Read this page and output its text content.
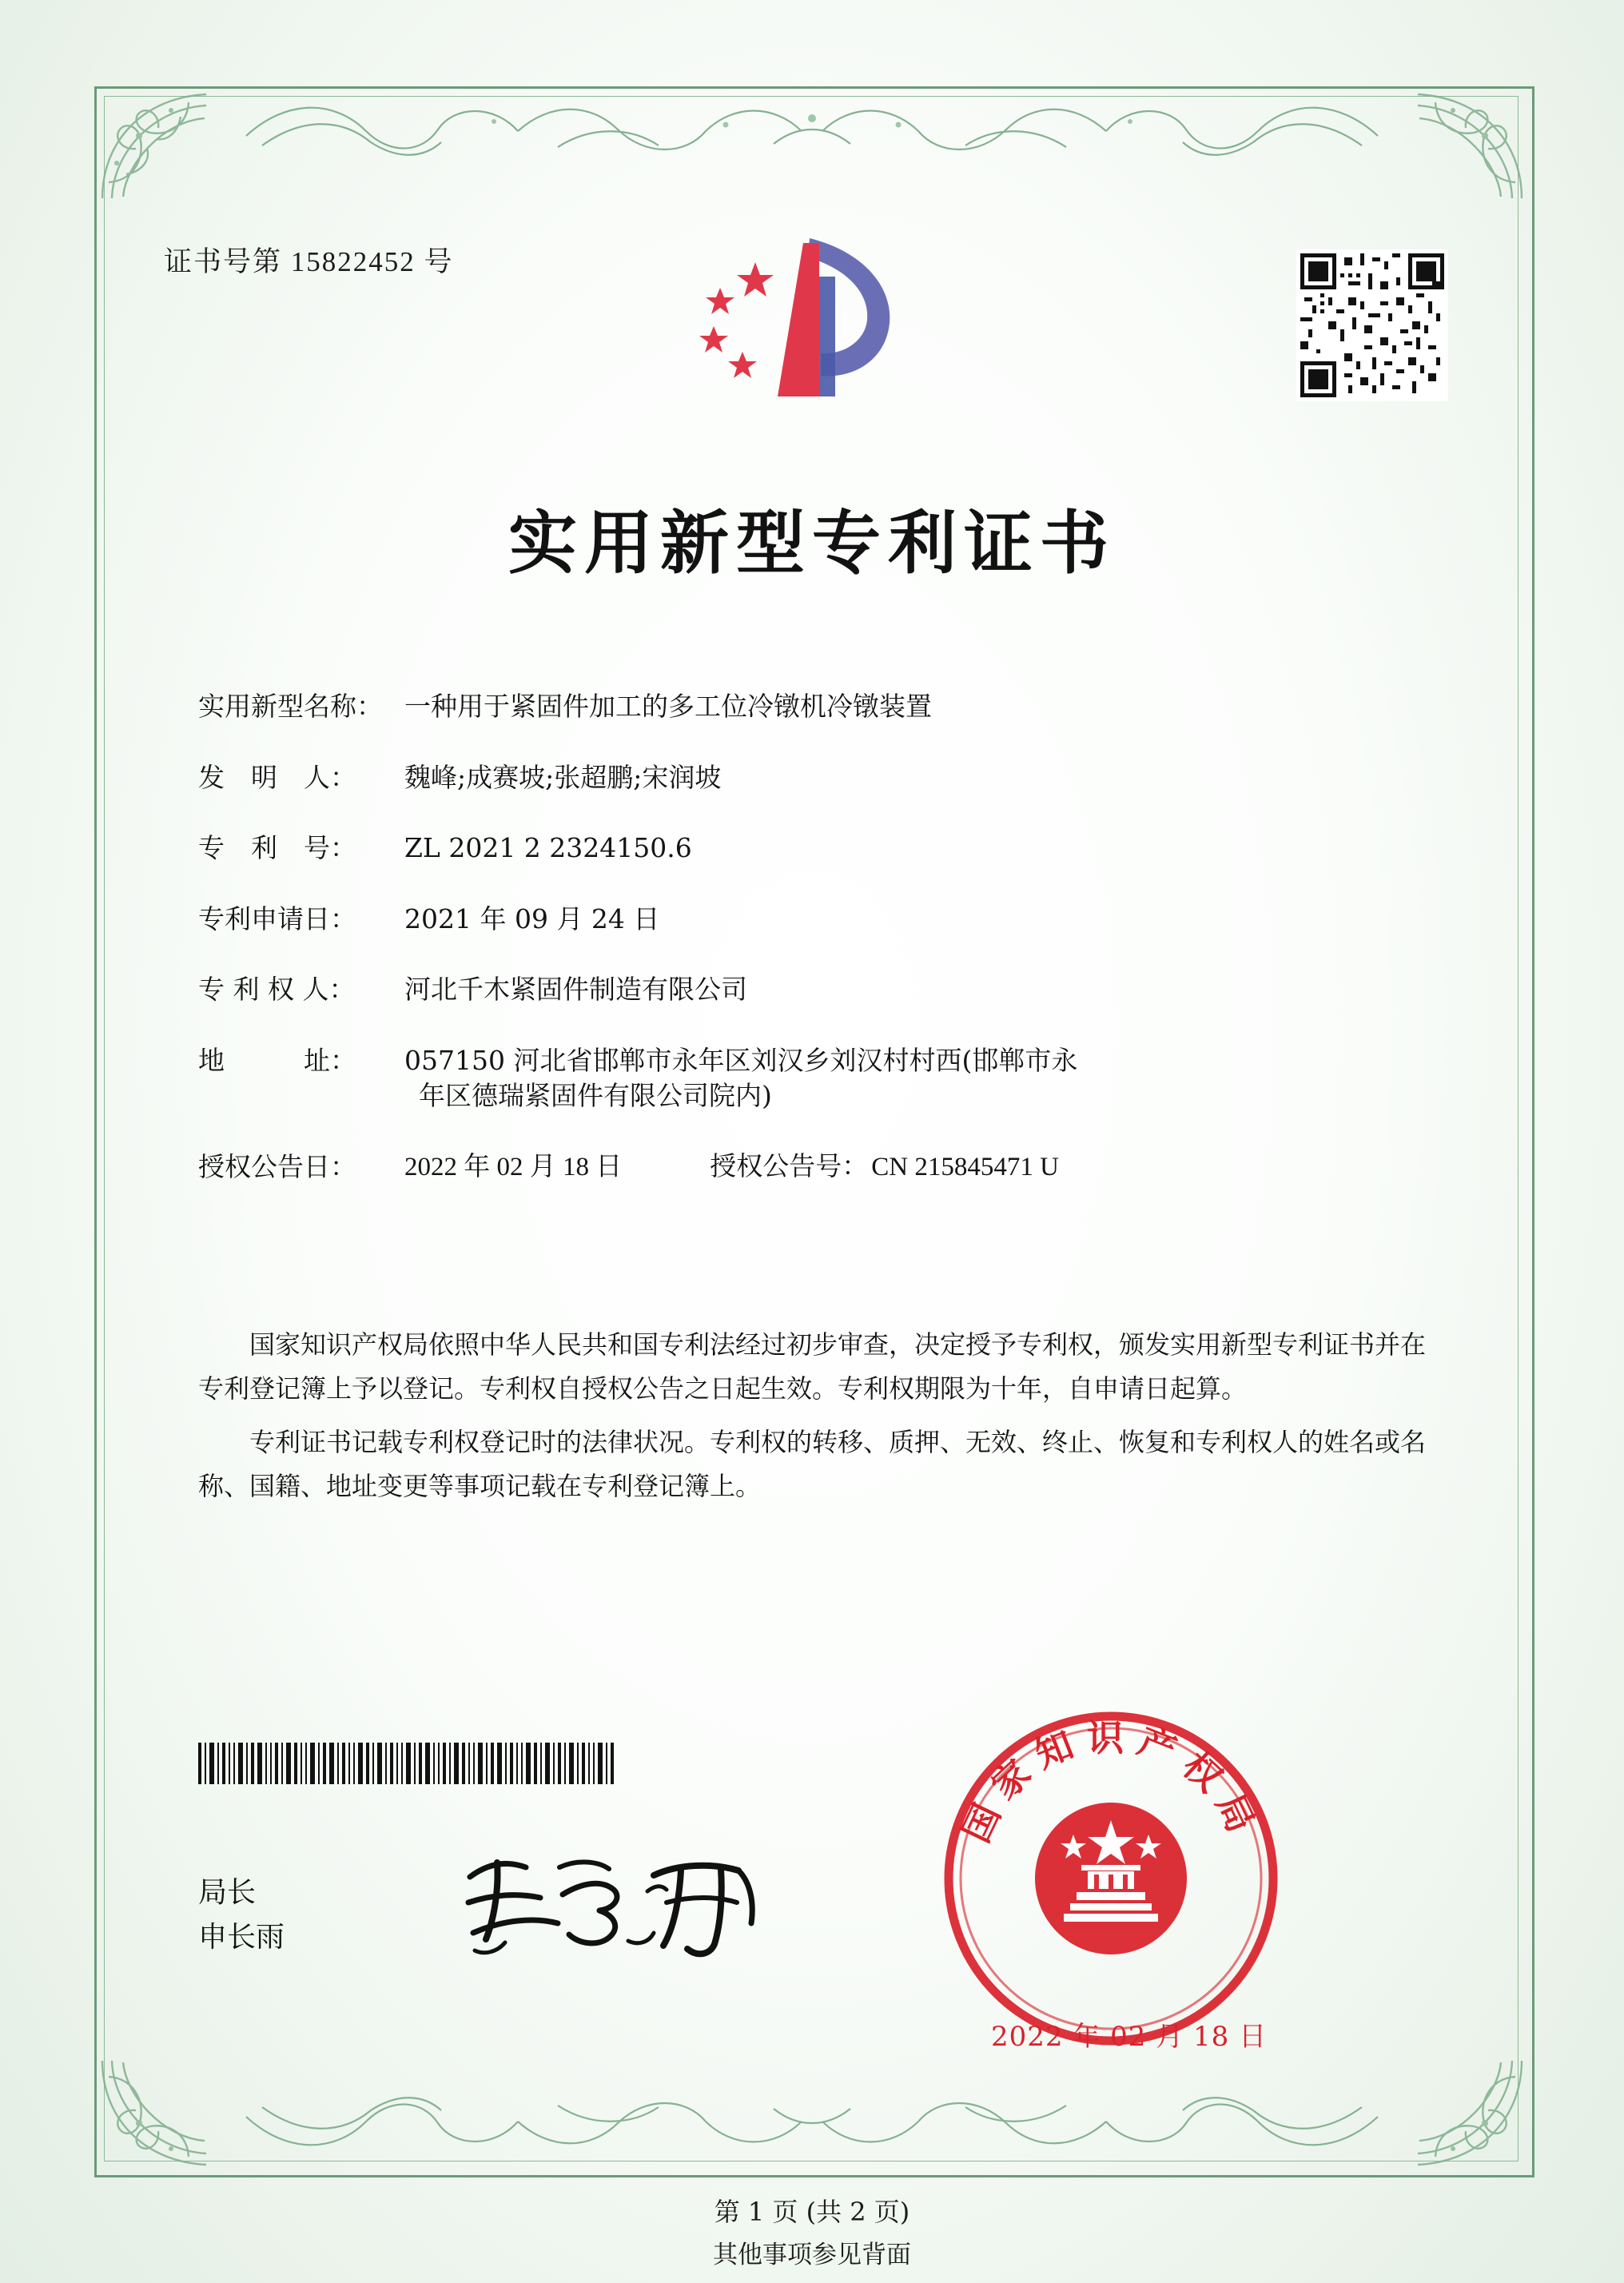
证书号第 15822452 号
实用新型专利证书
实用新型名称： 一种用于紧固件加工的多工位冷镦机冷镦装置
发　明　人：	魏峰;成赛坡;张超鹏;宋润坡
专　利　号：	ZL 2021 2 2324150.6
专利申请日：	2021 年 09 月 24 日
专 利 权 人：	河北千木紧固件制造有限公司
地　　　址：	057150 河北省邯郸市永年区刘汉乡刘汉村村西(邯郸市永
年区德瑞紧固件有限公司院内)
授权公告日：	2022 年 02 月 18 日	授权公告号： CN 215845471 U

国家知识产权局依照中华人民共和国专利法经过初步审查，决定授予专利权，颁发实用新型专利证书并在专利登记簿上予以登记。专利权自授权公告之日起生效。专利权期限为十年，自申请日起算。

专利证书记载专利权登记时的法律状况。专利权的转移、质押、无效、终止、恢复和专利权人的姓名或名称、国籍、地址变更等事项记载在专利登记簿上。

局长
申长雨
国家知识产权局
2022 年 02 月 18 日
第 1 页 (共 2 页)
其他事项参见背面
